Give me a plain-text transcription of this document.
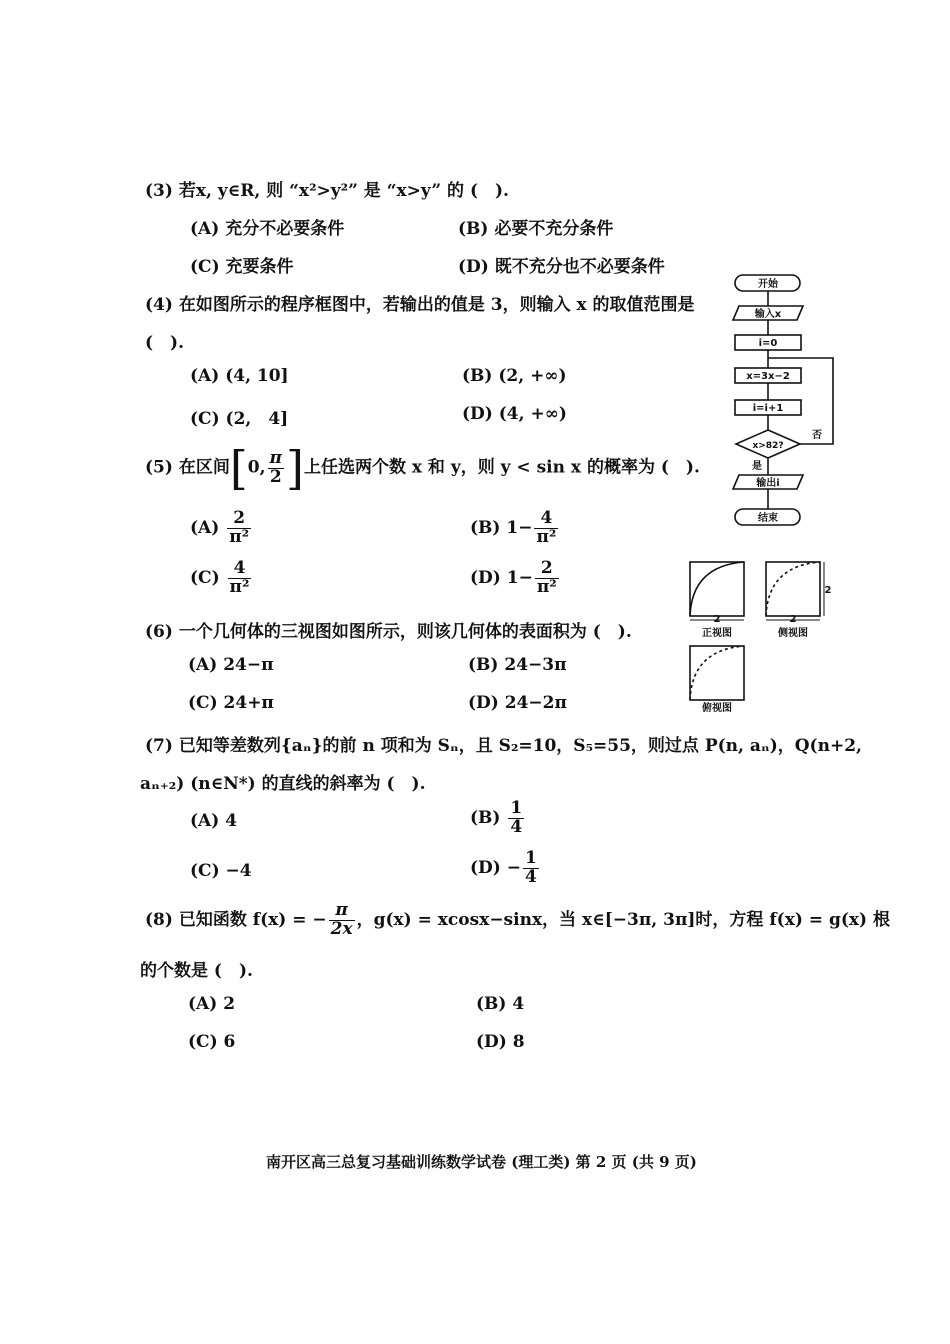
(3) 若x, y∈R, 则 “x²>y²” 是 “x>y” 的 (　).
(A) 充分不必要条件	(B) 必要不充分条件
(C) 充要条件	(D) 既不充分也不必要条件
(4) 在如图所示的程序框图中，若输出的值是 3，则输入 x 的取值范围是
(　).
(A) (4, 10]	(B) (2, +∞)
(C) (2,　4]	(D) (4, +∞)
开始
输入x
i=0
x=3x−2
i=i+1
x>82?
否
是
输出i
结束
(5) 在区间[0, $\frac{\pi}{2}$ ]上任选两个数 x 和 y，则 y < sin x 的概率为 (　).
$(A) \frac{2}{\text{π²}}$	(B) $1- \frac{4}{\text{π²}}$
$(C) \frac{4}{\text{π²}}$	(D) $1- \frac{2}{\text{π²}}$
2	2
2
正视图	侧视图
俯视图
(6) 一个几何体的三视图如图所示，则该几何体的表面积为 (　).
(A) 24−π	(B) 24−3π
(C) 24+π	(D) 24−2π
(7) 已知等差数列{aₙ}的前 n 项和为 Sₙ，且 S₂=10，S₅=55，则过点 P(n, aₙ)，Q(n+2,
aₙ₊₂) (n∈N*) 的直线的斜率为 (　).
(A) 4	$(B) \frac{1}{4}$
(C) −4	$(D) - \frac{1}{4}$
(8) 已知函数 f(x) = − $\frac{\pi}{2x}$ ，g(x) = xcosx−sinx，当 x∈[−3π, 3π]时，方程 f(x) = g(x) 根
的个数是 (　).
(A) 2	(B) 4
(C) 6	(D) 8
南开区高三总复习基础训练数学试卷 (理工类) 第 2 页 (共 9 页)
